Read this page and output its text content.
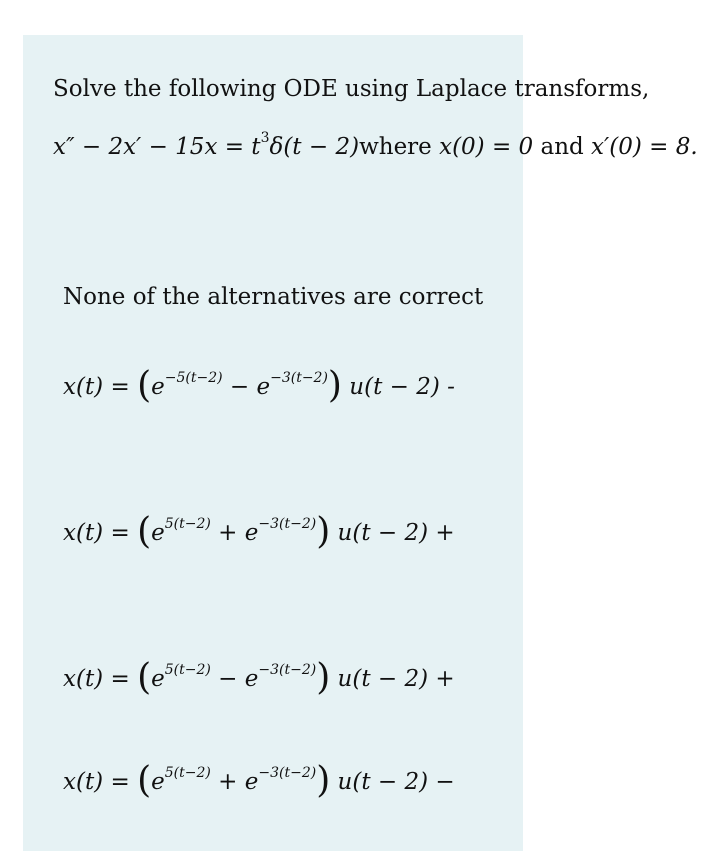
Solve the following ODE using Laplace transforms,

$x'' - 2x' - 15x = t^3\delta(t$ − 2)where x(0) = 0 and x′(0) = 8.

None of the alternatives are correct
$x(t) = (e^{-5(t-2)} - e^{-3(t-2)}) u(t - 2)$ -
$x(t) = (e^{5(t-2)} + e^{-3(t-2)}) u(t - 2)$ +
$x(t) = (e^{5(t-2)} - e^{-3(t-2)}) u(t - 2)$ +
$x(t) = (e^{5(t-2)} + e^{-3(t-2)}) u(t - 2)$ −
